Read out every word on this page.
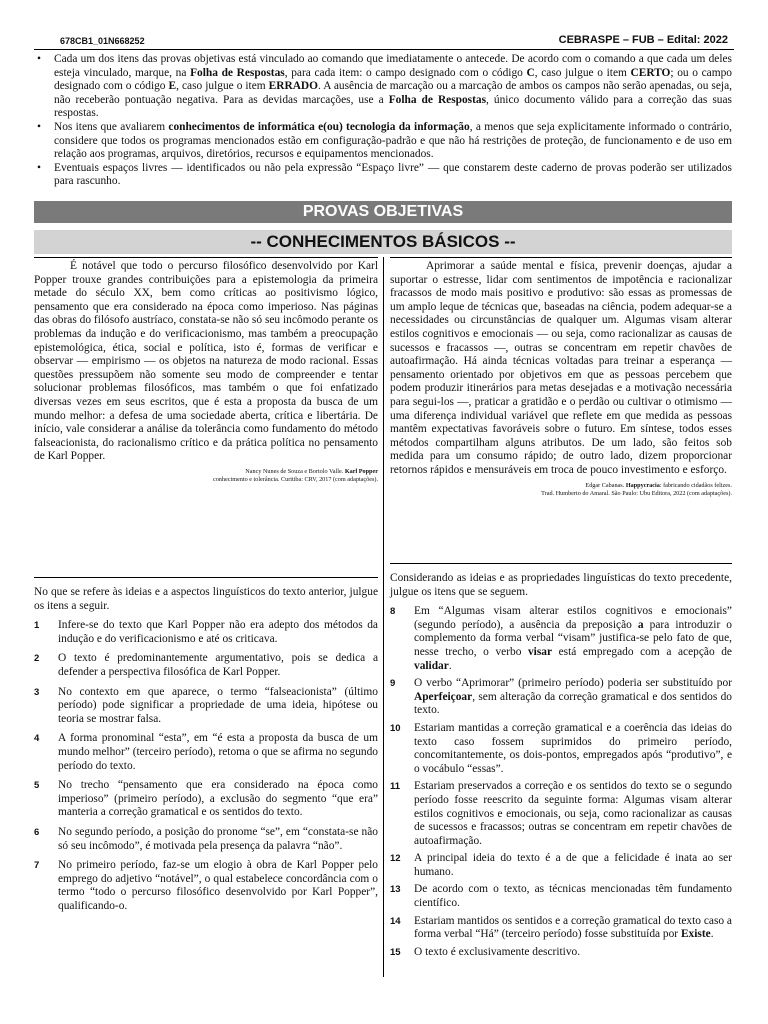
678CB1_01N668252	CEBRASPE – FUB – Edital: 2022
• Cada um dos itens das provas objetivas está vinculado ao comando que imediatamente o antecede. De acordo com o comando a que cada um deles esteja vinculado, marque, na Folha de Respostas, para cada item: o campo designado com o código C, caso julgue o item CERTO; ou o campo designado com o código E, caso julgue o item ERRADO. A ausência de marcação ou a marcação de ambos os campos não serão apenadas, ou seja, não receberão pontuação negativa. Para as devidas marcações, use a Folha de Respostas, único documento válido para a correção das suas respostas.
• Nos itens que avaliarem conhecimentos de informática e(ou) tecnologia da informação, a menos que seja explicitamente informado o contrário, considere que todos os programas mencionados estão em configuração-padrão e que não há restrições de proteção, de funcionamento e de uso em relação aos programas, arquivos, diretórios, recursos e equipamentos mencionados.
• Eventuais espaços livres — identificados ou não pela expressão “Espaço livre” — que constarem deste caderno de provas poderão ser utilizados para rascunho.
PROVAS OBJETIVAS
-- CONHECIMENTOS BÁSICOS --

É notável que todo o percurso filosófico desenvolvido por Karl Popper trouxe grandes contribuições para a epistemologia da primeira metade do século XX, bem como críticas ao positivismo lógico, pensamento que era considerado na época como imperioso. Nas páginas das obras do filósofo austríaco, constata-se não só seu incômodo perante os problemas da indução e do verificacionismo, mas também a preocupação epistemológica, ética, social e política, isto é, formas de verificar e observar — empirismo — os objetos na natureza de modo racional. Essas questões pressupõem não somente seu modo de compreender e tentar solucionar problemas filosóficos, mas também o que foi enfatizado diversas vezes em seus escritos, que é esta a proposta da busca de um mundo melhor: a defesa de uma sociedade aberta, crítica e libertária. De início, vale considerar a análise da tolerância como fundamento do método falseacionista, do racionalismo crítico e da prática política no pensamento de Karl Popper.

Nancy Nunes de Souza e Bortolo Valle. Karl Popper
conhecimento e tolerância. Curitiba: CRV, 2017 (com adaptações).

No que se refere às ideias e a aspectos linguísticos do texto anterior, julgue os itens a seguir.

1 Infere-se do texto que Karl Popper não era adepto dos métodos da indução e do verificacionismo e até os criticava.
2 O texto é predominantemente argumentativo, pois se dedica a defender a perspectiva filosófica de Karl Popper.
3 No contexto em que aparece, o termo “falseacionista” (último período) pode significar a propriedade de uma ideia, hipótese ou teoria se mostrar falsa.
4 A forma pronominal “esta”, em “é esta a proposta da busca de um mundo melhor” (terceiro período), retoma o que se afirma no segundo período do texto.
5 No trecho “pensamento que era considerado na época como imperioso” (primeiro período), a exclusão do segmento “que era” manteria a correção gramatical e os sentidos do texto.
6 No segundo período, a posição do pronome “se”, em “constata-se não só seu incômodo”, é motivada pela presença da palavra “não”.
7 No primeiro período, faz-se um elogio à obra de Karl Popper pelo emprego do adjetivo “notável”, o qual estabelece concordância com o termo “todo o percurso filosófico desenvolvido por Karl Popper”, qualificando-o.

Aprimorar a saúde mental e física, prevenir doenças, ajudar a suportar o estresse, lidar com sentimentos de impotência e racionalizar fracassos de modo mais positivo e produtivo: são essas as promessas de um amplo leque de técnicas que, baseadas na ciência, podem adequar-se a necessidades ou circunstâncias de qualquer um. Algumas visam alterar estilos cognitivos e emocionais — ou seja, como racionalizar as causas de sucessos e fracassos —, outras se concentram em repetir chavões de autoafirmação. Há ainda técnicas voltadas para treinar a esperança — pensamento orientado por objetivos em que as pessoas percebem que podem produzir itinerários para metas desejadas e a motivação necessária para segui-los —, praticar a gratidão e o perdão ou cultivar o otimismo — uma diferença individual variável que reflete em que medida as pessoas mantêm expectativas favoráveis sobre o futuro. Em síntese, todos esses métodos compartilham alguns atributos. De um lado, são feitos sob medida para um consumo rápido; de outro lado, dizem proporcionar retornos rápidos e mensuráveis em troca de pouco investimento e esforço.

Edgar Cabanas. Happycracia: fabricando cidadãos felizes.
Trad. Humberto do Amaral. São Paulo: Ubu Editora, 2022 (com adaptações).

Considerando as ideias e as propriedades linguísticas do texto precedente, julgue os itens que se seguem.

8 Em “Algumas visam alterar estilos cognitivos e emocionais” (segundo período), a ausência da preposição a para introduzir o complemento da forma verbal “visam” justifica-se pelo fato de que, nesse trecho, o verbo visar está empregado com a acepção de validar.
9 O verbo “Aprimorar” (primeiro período) poderia ser substituído por Aperfeiçoar, sem alteração da correção gramatical e dos sentidos do texto.
10 Estariam mantidas a correção gramatical e a coerência das ideias do texto caso fossem suprimidos do primeiro período, concomitantemente, os dois-pontos, empregados após “produtivo”, e o vocábulo “essas”.
11 Estariam preservados a correção e os sentidos do texto se o segundo período fosse reescrito da seguinte forma: Algumas visam alterar estilos cognitivos e emocionais, ou seja, como racionalizar as causas de sucessos e fracassos; outras se concentram em repetir chavões de autoafirmação.
12 A principal ideia do texto é a de que a felicidade é inata ao ser humano.
13 De acordo com o texto, as técnicas mencionadas têm fundamento científico.
14 Estariam mantidos os sentidos e a correção gramatical do texto caso a forma verbal “Há” (terceiro período) fosse substituída por Existe.
15 O texto é exclusivamente descritivo.
